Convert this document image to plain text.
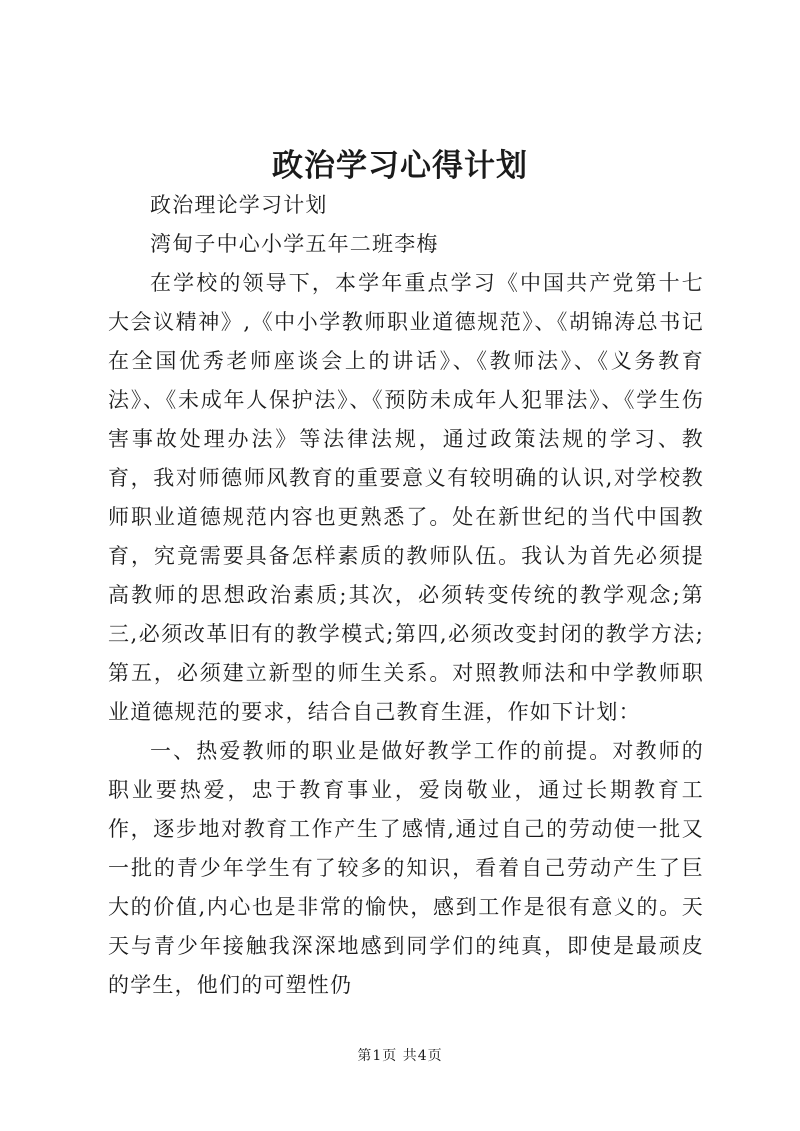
政治学习心得计划

政治理论学习计划

湾甸子中心小学五年二班李梅

在学校的领导下，本学年重点学习《中国共产党第十七大会议精神》,《中小学教师职业道德规范》、《胡锦涛总书记在全国优秀老师座谈会上的讲话》、《教师法》、《义务教育法》、《未成年人保护法》、《预防未成年人犯罪法》、《学生伤害事故处理办法》等法律法规，通过政策法规的学习、教育，我对师德师风教育的重要意义有较明确的认识,对学校教师职业道德规范内容也更熟悉了。处在新世纪的当代中国教育，究竟需要具备怎样素质的教师队伍。我认为首先必须提高教师的思想政治素质;其次，必须转变传统的教学观念;第三,必须改革旧有的教学模式;第四,必须改变封闭的教学方法;第五，必须建立新型的师生关系。对照教师法和中学教师职业道德规范的要求，结合自己教育生涯，作如下计划：

一、热爱教师的职业是做好教学工作的前提。对教师的职业要热爱，忠于教育事业，爱岗敬业，通过长期教育工作，逐步地对教育工作产生了感情,通过自己的劳动使一批又一批的青少年学生有了较多的知识，看着自己劳动产生了巨大的价值,内心也是非常的愉快，感到工作是很有意义的。天天与青少年接触我深深地感到同学们的纯真，即使是最顽皮的学生，他们的可塑性仍

第1页 共4页
